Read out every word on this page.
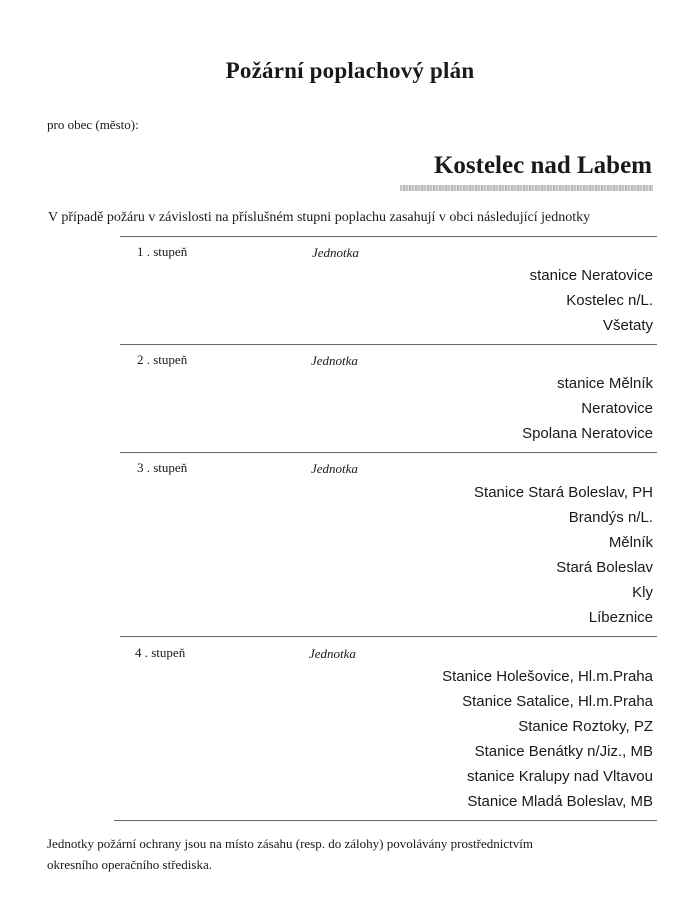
Požární poplachový plán
pro obec (město):
Kostelec nad Labem
V případě požáru v závislosti na příslušném stupni poplachu zasahují v obci následující jednotky
1 . stupeň	Jednotka
stanice Neratovice
Kostelec n/L.
Všetaty
2 . stupeň	Jednotka
stanice Mělník
Neratovice
Spolana Neratovice
3 . stupeň	Jednotka
Stanice Stará Boleslav, PH
Brandýs n/L.
Mělník
Stará Boleslav
Kly
Líbeznice
4 . stupeň	Jednotka
Stanice Holešovice, Hl.m.Praha
Stanice Satalice, Hl.m.Praha
Stanice Roztoky, PZ
Stanice Benátky n/Jiz., MB
stanice Kralupy nad Vltavou
Stanice Mladá Boleslav, MB
Jednotky požární ochrany jsou na místo zásahu (resp. do zálohy) povolávány prostřednictvím
okresního operačního střediska.
